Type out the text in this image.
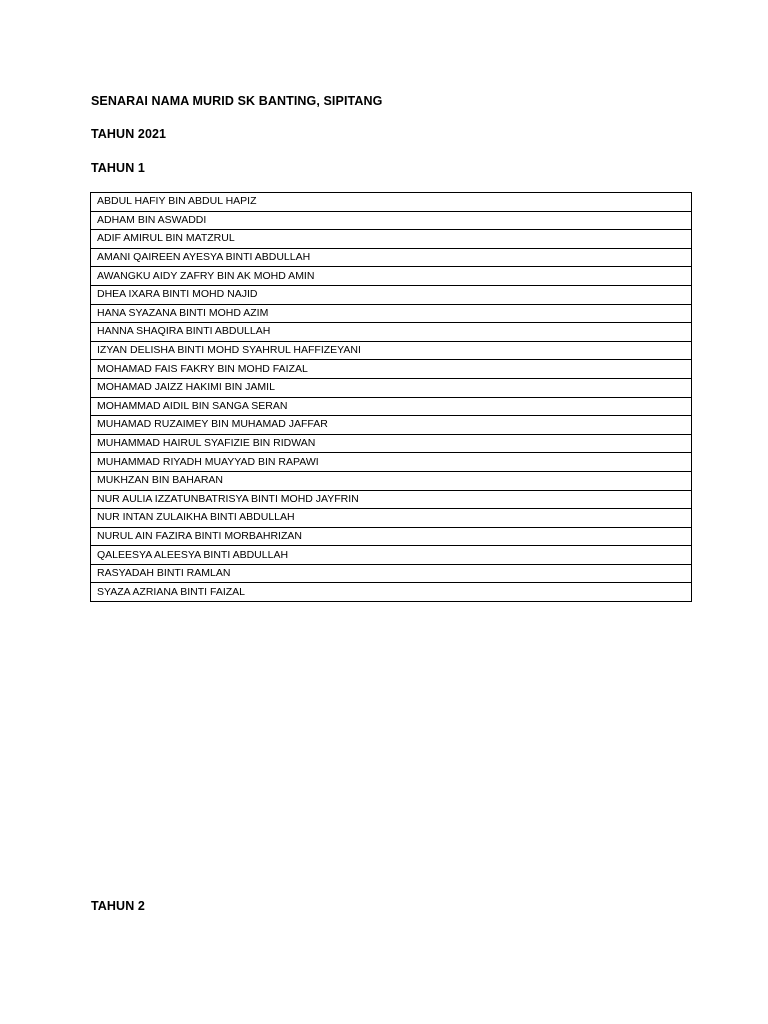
SENARAI NAMA MURID SK BANTING, SIPITANG
TAHUN 2021
TAHUN 1
ABDUL HAFIY BIN ABDUL HAPIZ
ADHAM BIN ASWADDI
ADIF AMIRUL BIN MATZRUL
AMANI QAIREEN AYESYA BINTI ABDULLAH
AWANGKU AIDY ZAFRY BIN AK MOHD AMIN
DHEA IXARA BINTI MOHD NAJID
HANA SYAZANA BINTI MOHD AZIM
HANNA SHAQIRA BINTI ABDULLAH
IZYAN DELISHA BINTI MOHD SYAHRUL HAFFIZEYANI
MOHAMAD FAIS FAKRY BIN MOHD FAIZAL
MOHAMAD JAIZZ HAKIMI BIN JAMIL
MOHAMMAD AIDIL BIN SANGA SERAN
MUHAMAD RUZAIMEY BIN MUHAMAD JAFFAR
MUHAMMAD HAIRUL SYAFIZIE BIN RIDWAN
MUHAMMAD RIYADH MUAYYAD BIN RAPAWI
MUKHZAN BIN BAHARAN
NUR AULIA IZZATUNBATRISYA BINTI MOHD JAYFRIN
NUR INTAN ZULAIKHA BINTI ABDULLAH
NURUL AIN FAZIRA BINTI MORBAHRIZAN
QALEESYA ALEESYA BINTI ABDULLAH
RASYADAH BINTI RAMLAN
SYAZA AZRIANA BINTI FAIZAL
TAHUN 2
